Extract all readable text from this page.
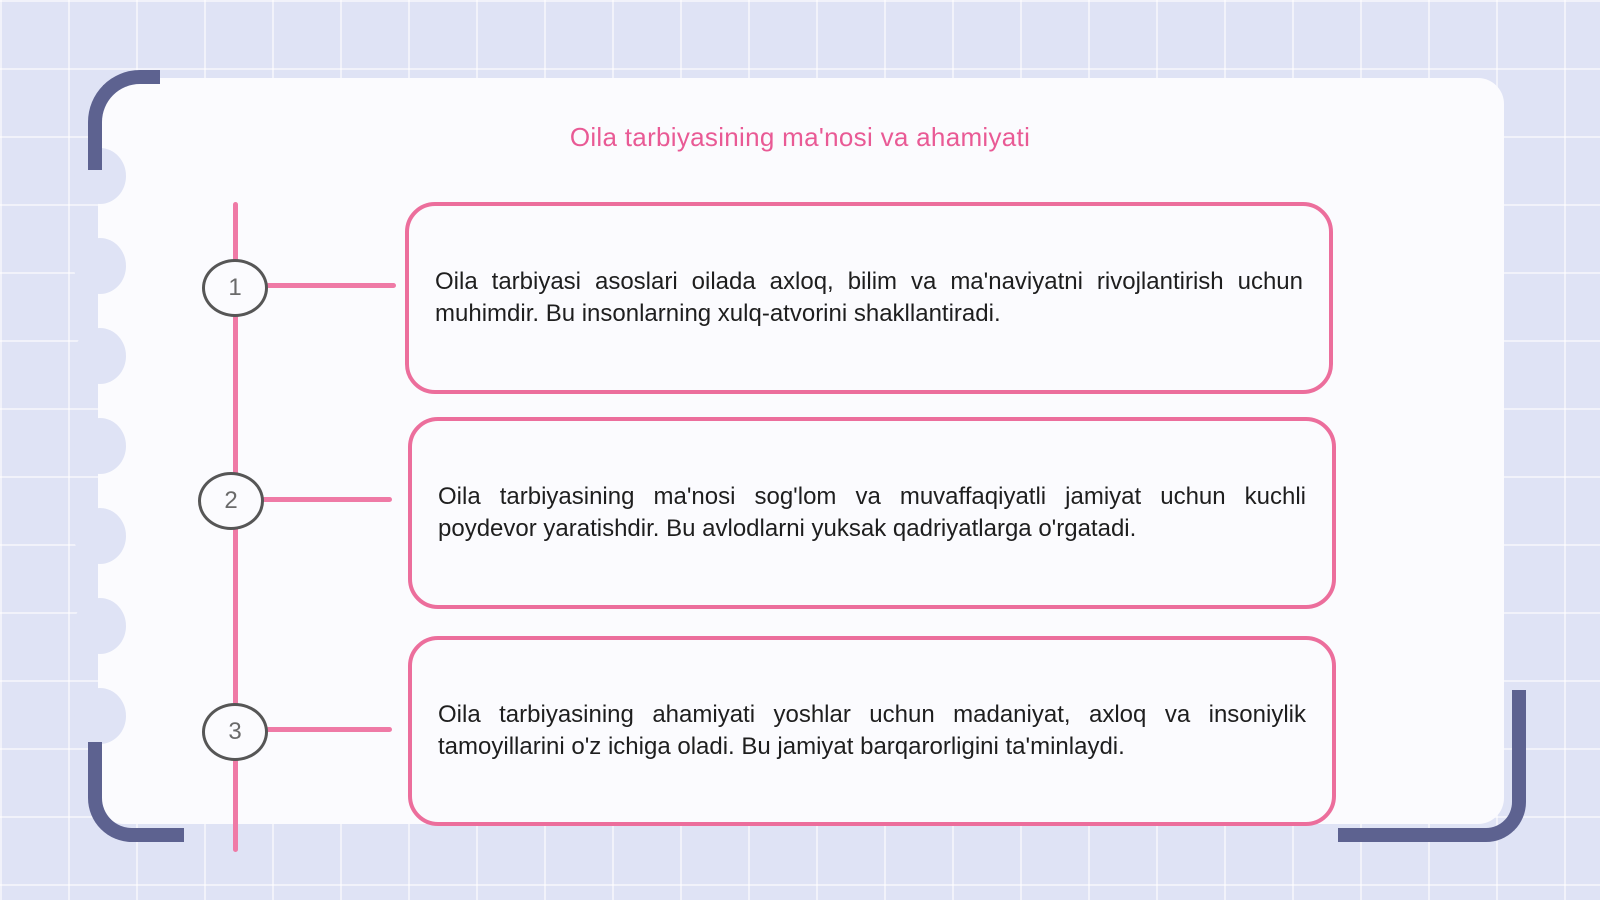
Oila tarbiyasining ma'nosi va ahamiyati
1	Oila tarbiyasi asoslari oilada axloq, bilim va ma'naviyatni rivojlantirish uchun muhimdir. Bu insonlarning xulq-atvorini shakllantiradi.
2	Oila tarbiyasining ma'nosi sog'lom va muvaffaqiyatli jamiyat uchun kuchli poydevor yaratishdir. Bu avlodlarni yuksak qadriyatlarga o'rgatadi.
3
Oila tarbiyasining ahamiyati yoshlar uchun madaniyat, axloq va insoniylik tamoyillarini o'z ichiga oladi. Bu jamiyat barqarorligini ta'minlaydi.
